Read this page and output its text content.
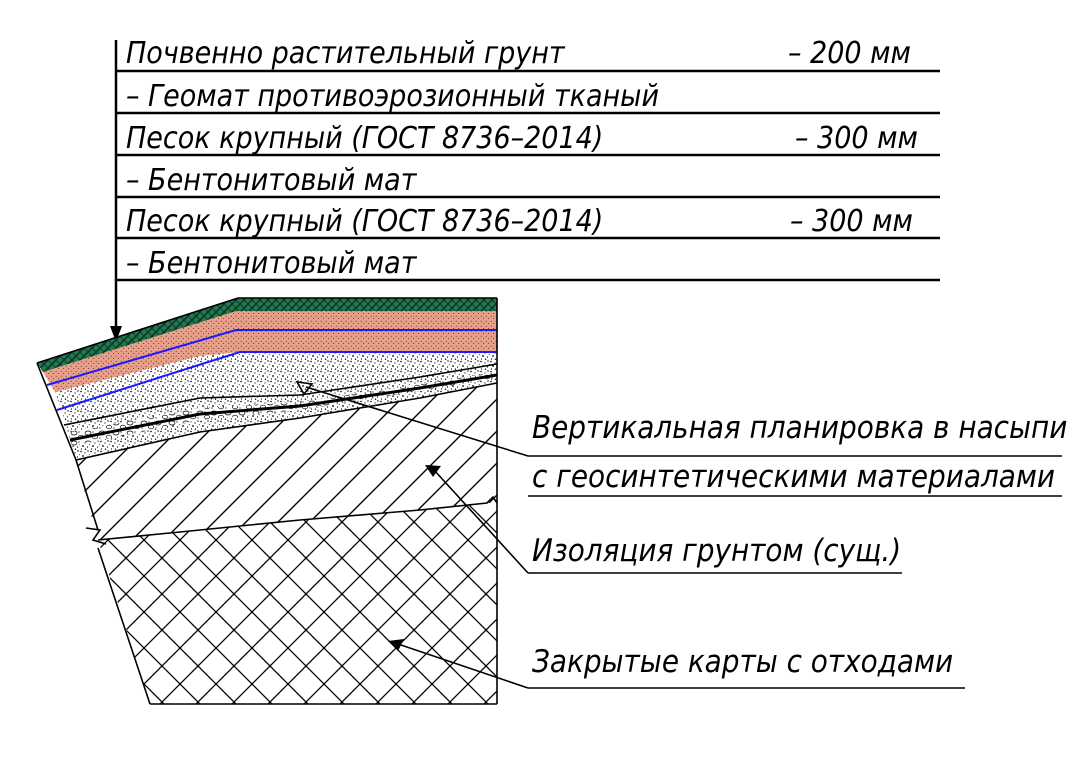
Почвенно растительный грунт	– 200 мм
– Геомат противоэрозионный тканый
Песок крупный (ГОСТ 8736–2014)	– 300 мм
– Бентонитовый мат
Песок крупный (ГОСТ 8736–2014)	– 300 мм
– Бентонитовый мат
Вертикальная планировка в насыпи
с геосинтетическими материалами
Изоляция грунтом (сущ.)
Закрытые карты с отходами
